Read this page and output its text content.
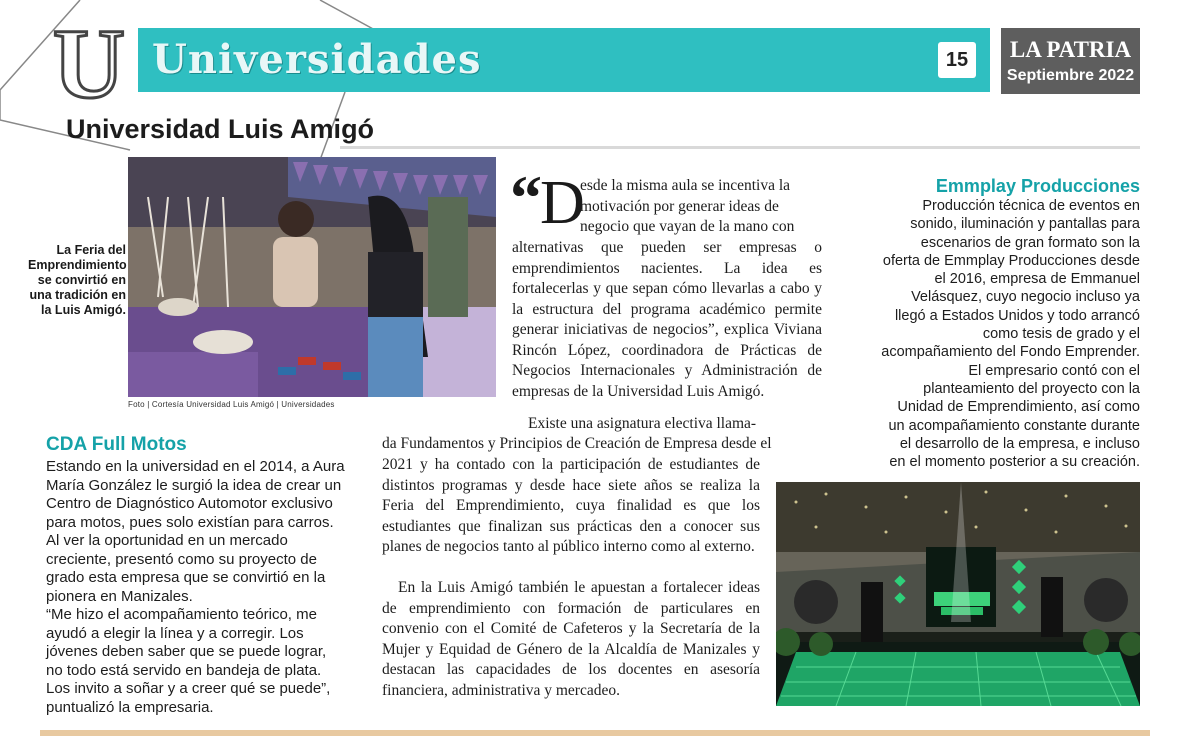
U Universidades	15	LA PATRIA
Septiembre 2022
Universidad Luis Amigó
Foto | Cortesía Universidad Luis Amigó | Universidades
La Feria del Emprendimiento se convirtió en una tradición en la Luis Amigó.
CDA Full Motos

Estando en la universidad en el 2014, a Aura María González le surgió la idea de crear un Centro de Diagnóstico Automotor exclusivo para motos, pues solo existían para carros. Al ver la oportunidad en un mercado creciente, presentó como su proyecto de grado esta empresa que se convirtió en la pionera en Manizales.

“Me hizo el acompañamiento teórico, me ayudó a elegir la línea y a corregir. Los jóvenes deben saber que se puede lograr, no todo está servido en bandeja de plata. Los invito a soñar y a creer qué se puede”, puntualizó la empresaria.

“
D

esde la misma aula se incentiva la

motivación por generar ideas de

negocio que vayan de la mano con

alternativas que pueden ser empresas o emprendimientos nacientes. La idea es fortalecerlas y que sepan cómo llevarlas a cabo y la estructura del programa académico permite generar iniciativas de negocios”, explica Viviana Rincón López, coordinadora de Prácticas de Negocios Internacionales y Administración de empresas de la Universidad Luis Amigó.
Existe una asignatura electiva llama-
da Fundamentos y Principios de Creación de Empresa desde el
2021 y ha contado con la participación de estudiantes de distintos programas y desde hace siete años se realiza la Feria del Emprendimiento, cuya finalidad es que los estudiantes que finalizan sus prácticas den a conocer sus planes de negocios tanto al público interno como al externo.
En la Luis Amigó también le apuestan a fortalecer ideas de emprendimiento con formación de particulares en convenio con el Comité de Cafeteros y la Secretaría de la Mujer y Equidad de Género de la Alcaldía de Manizales y destacan las capacidades de los docentes en asesoría financiera, administrativa y mercadeo.
Emmplay Producciones

Producción técnica de eventos en sonido, iluminación y pantallas para escenarios de gran formato son la oferta de Emmplay Producciones desde el 2016, empresa de Emmanuel Velásquez, cuyo negocio incluso ya llegó a Estados Unidos y todo arrancó como tesis de grado y el acompañamiento del Fondo Emprender.

El empresario contó con el planteamiento del proyecto con la Unidad de Emprendimiento, así como un acompañamiento constante durante el desarrollo de la empresa, e incluso en el momento posterior a su creación.
